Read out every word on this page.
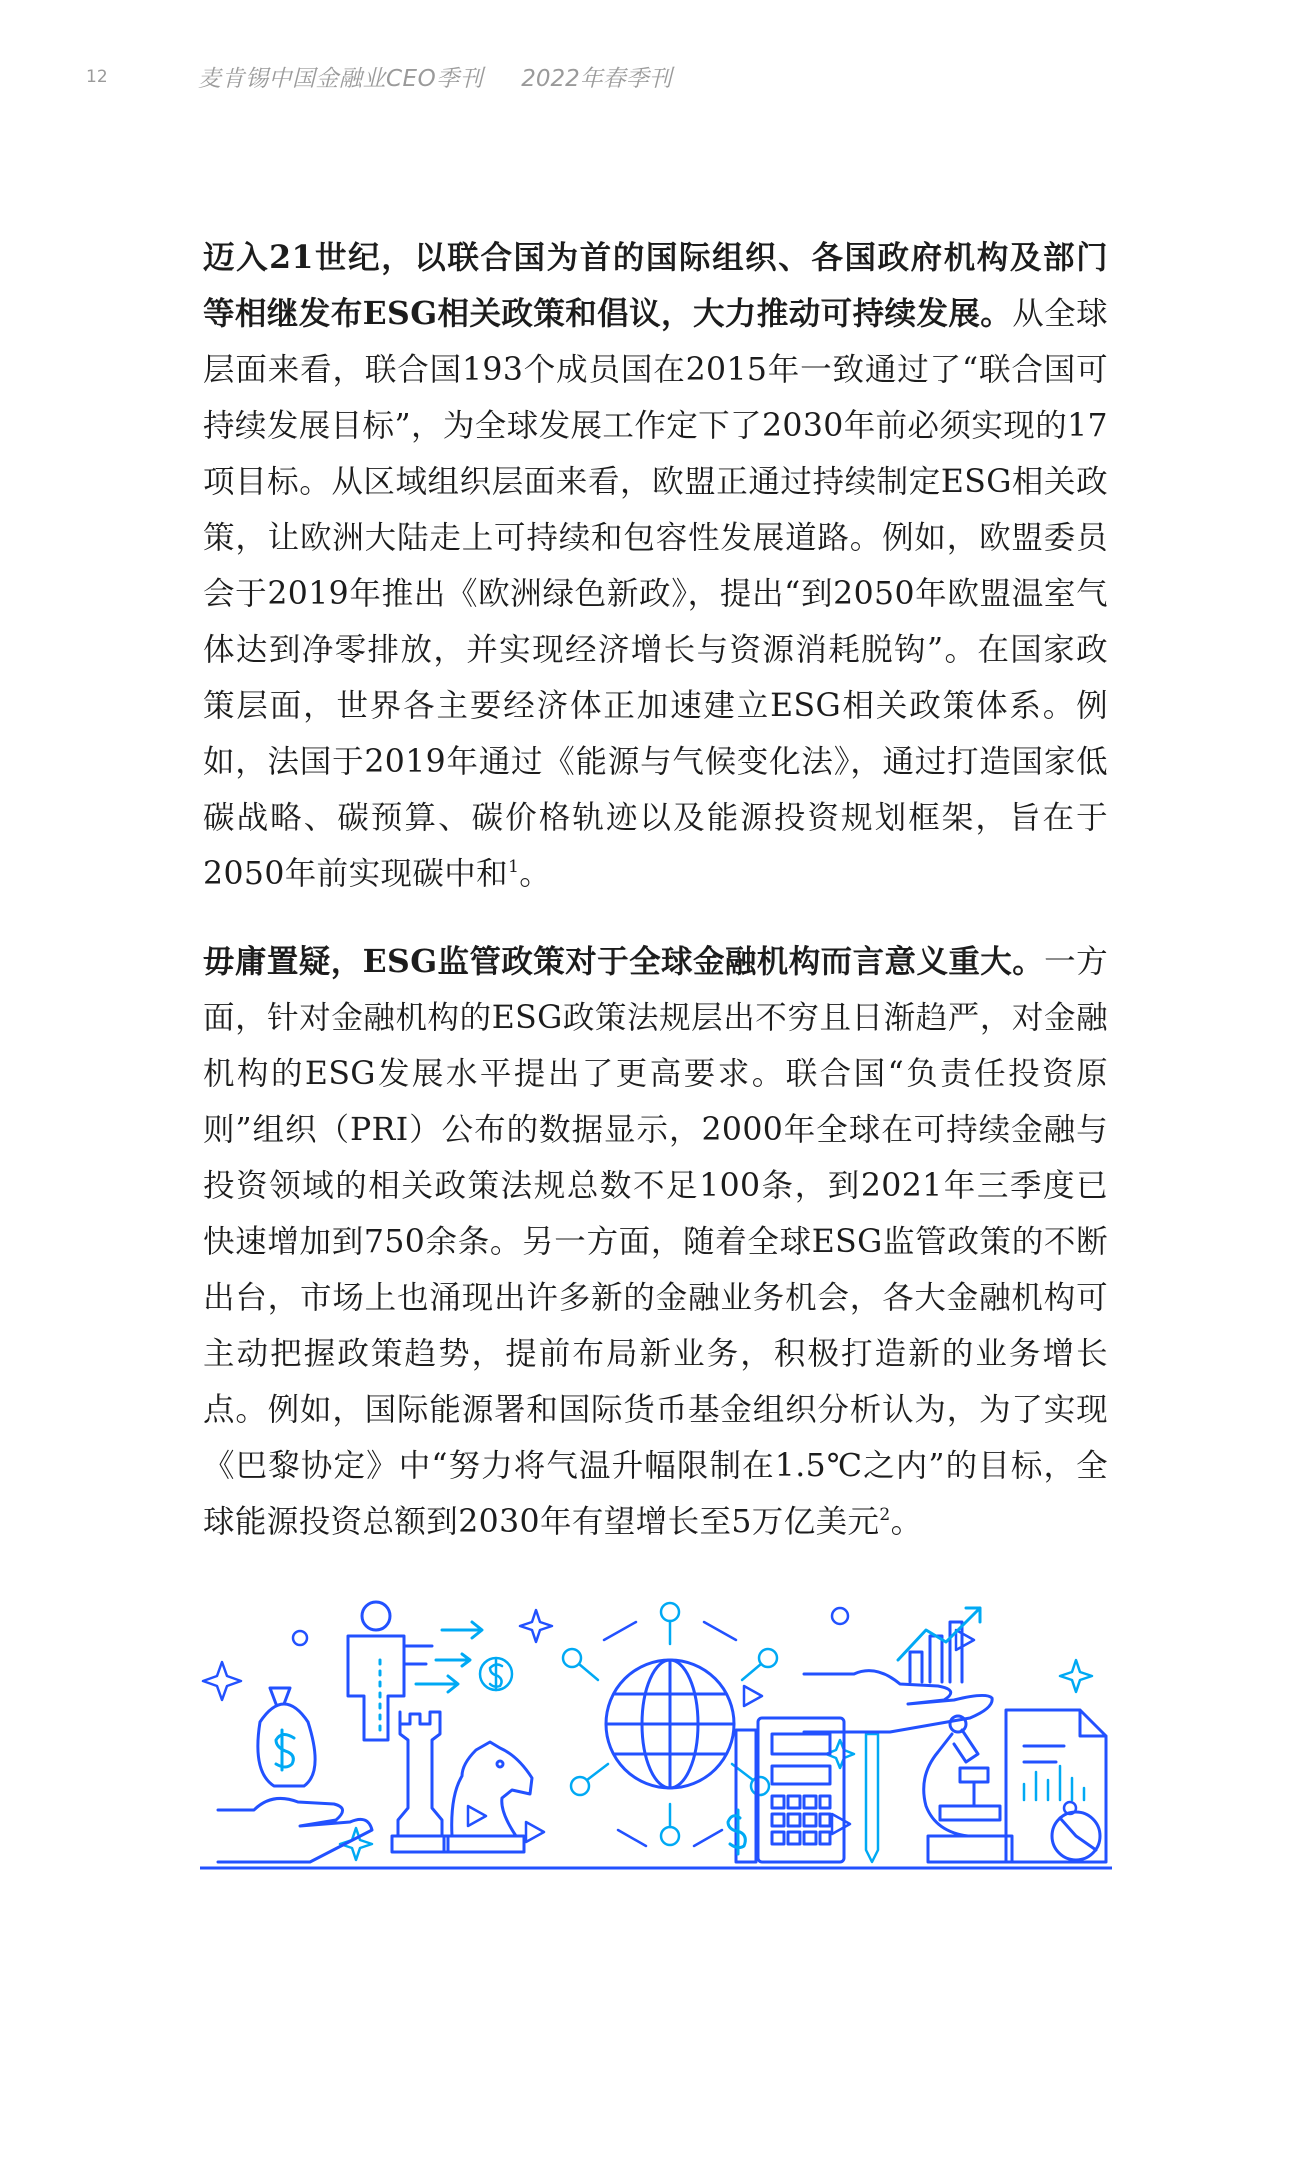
12	麦肯锡中国金融业CEO季刊 2022年春季刊

迈入21世纪，以联合国为首的国际组织、各国政府机构及部门等相继发布ESG相关政策和倡议，大力推动可持续发展。从全球层面来看，联合国193个成员国在2015年一致通过了“联合国可持续发展目标”，为全球发展工作定下了2030年前必须实现的17项目标。从区域组织层面来看，欧盟正通过持续制定ESG相关政策，让欧洲大陆走上可持续和包容性发展道路。例如，欧盟委员会于2019年推出《欧洲绿色新政》，提出“到2050年欧盟温室气体达到净零排放，并实现经济增长与资源消耗脱钩”。在国家政策层面，世界各主要经济体正加速建立ESG相关政策体系。例如，法国于2019年通过《能源与气候变化法》，通过打造国家低碳战略、碳预算、碳价格轨迹以及能源投资规划框架，旨在于2050年前实现碳中和$^1$。

毋庸置疑，ESG监管政策对于全球金融机构而言意义重大。一方面，针对金融机构的ESG政策法规层出不穷且日渐趋严，对金融机构的ESG发展水平提出了更高要求。联合国“负责任投资原则”组织（PRI）公布的数据显示，2000年全球在可持续金融与投资领域的相关政策法规总数不足100条，到2021年三季度已快速增加到750余条。另一方面，随着全球ESG监管政策的不断出台，市场上也涌现出许多新的金融业务机会，各大金融机构可主动把握政策趋势，提前布局新业务，积极打造新的业务增长点。例如，国际能源署和国际货币基金组织分析认为，为了实现《巴黎协定》中“努力将气温升幅限制在1.5℃之内”的目标，全球能源投资总额到2030年有望增长至5万亿美元$^2$。
